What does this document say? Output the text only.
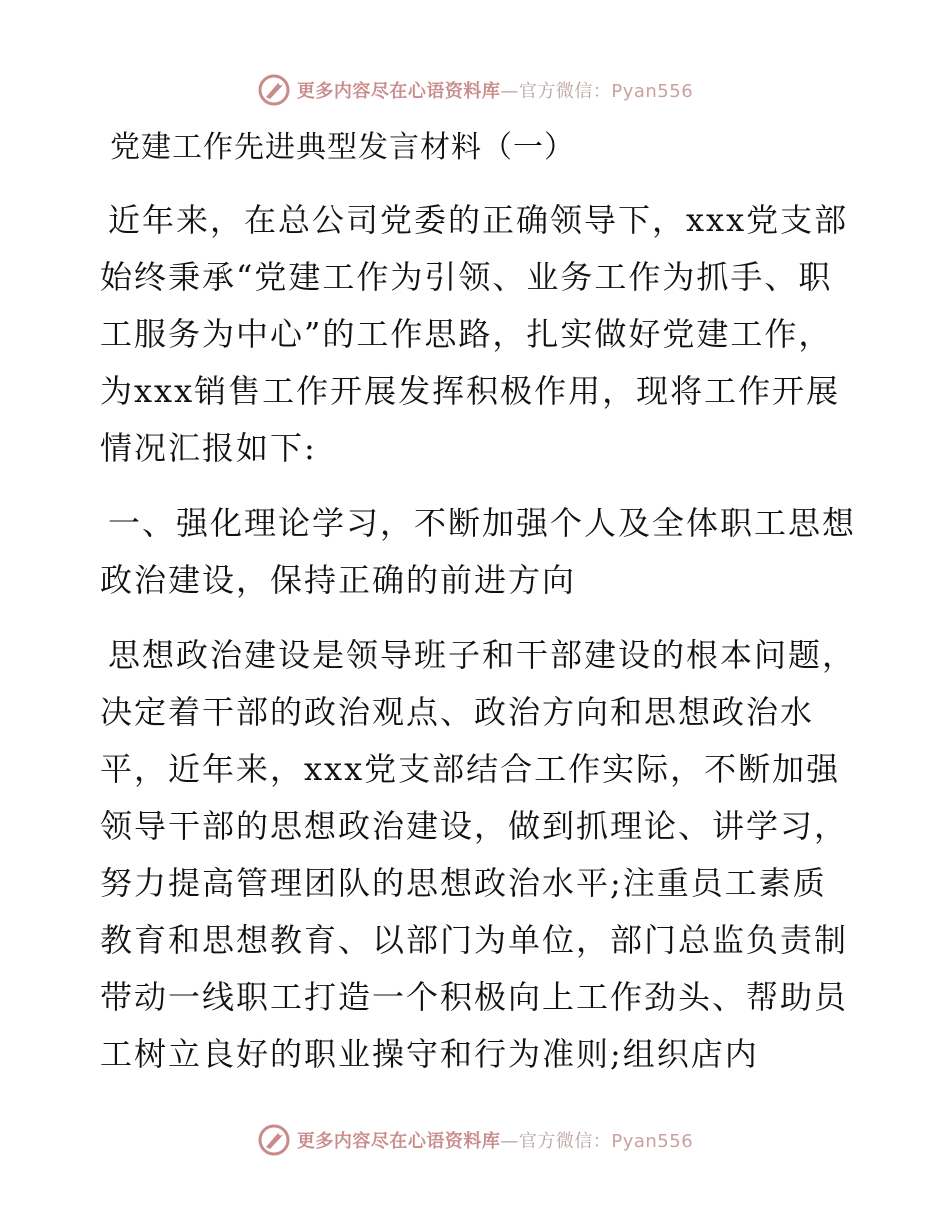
更多内容尽在心语资料库—官方微信：Pyan556
党建工作先进典型发言材料（一）

近年来，在总公司党委的正确领导下，xxx党支部始终秉承“党建工作为引领、业务工作为抓手、职工服务为中心”的工作思路，扎实做好党建工作，为xxx销售工作开展发挥积极作用，现将工作开展情况汇报如下:

一、强化理论学习，不断加强个人及全体职工思想政治建设，保持正确的前进方向

思想政治建设是领导班子和干部建设的根本问题，决定着干部的政治观点、政治方向和思想政治水平，近年来，xxx党支部结合工作实际，不断加强领导干部的思想政治建设，做到抓理论、讲学习，努力提高管理团队的思想政治水平;注重员工素质教育和思想教育、以部门为单位，部门总监负责制带动一线职工打造一个积极向上工作劲头、帮助员工树立良好的职业操守和行为准则;组织店内

更多内容尽在心语资料库—官方微信：Pyan556
